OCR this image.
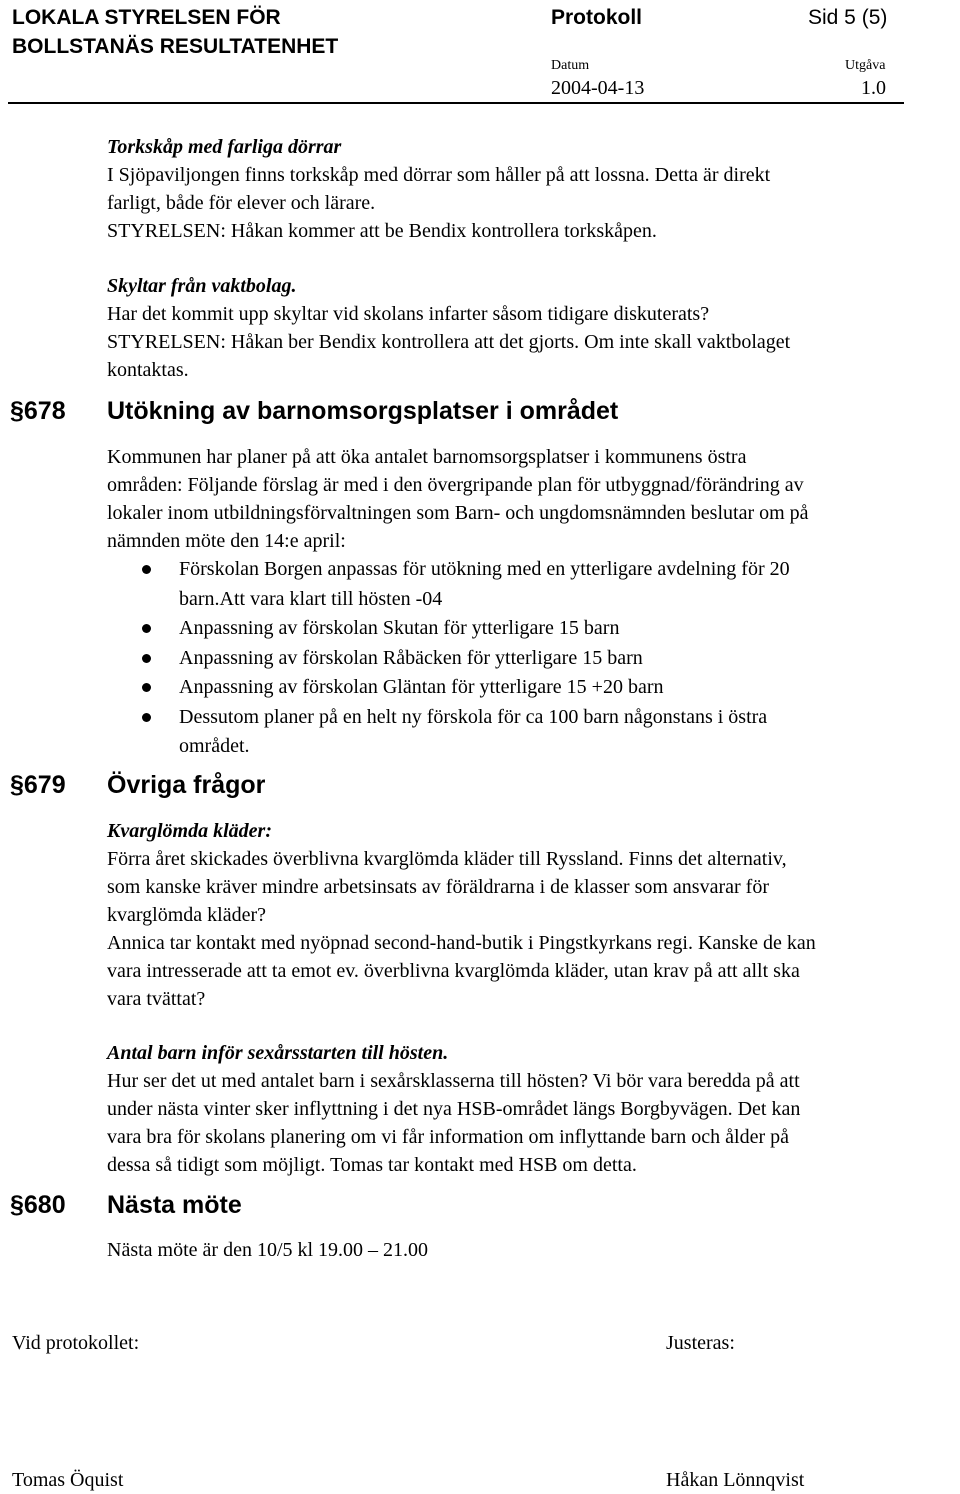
LOKALA STYRELSEN FÖR
BOLLSTANÄS RESULTATENHET
Protokoll	Sid 5 (5)
Datum	Utgåva
2004-04-13	1.0
Torkskåp med farliga dörrar
I Sjöpaviljongen finns torkskåp med dörrar som håller på att lossna. Detta är direkt
farligt, både för elever och lärare.
STYRELSEN: Håkan kommer att be Bendix kontrollera torkskåpen.
Skyltar från vaktbolag.
Har det kommit upp skyltar vid skolans infarter såsom tidigare diskuterats?
STYRELSEN: Håkan ber Bendix kontrollera att det gjorts. Om inte skall vaktbolaget
kontaktas.
§678 Utökning av barnomsorgsplatser i området
Kommunen har planer på att öka antalet barnomsorgsplatser i kommunens östra
områden: Följande förslag är med i den övergripande plan för utbyggnad/förändring av
lokaler inom utbildningsförvaltningen som Barn- och ungdomsnämnden beslutar om på
nämnden möte den 14:e april:
Förskolan Borgen anpassas för utökning med en ytterligare avdelning för 20
barn.Att vara klart till hösten -04
Anpassning av förskolan Skutan för ytterligare 15 barn
Anpassning av förskolan Råbäcken för ytterligare 15 barn
Anpassning av förskolan Gläntan för ytterligare 15 +20 barn
Dessutom planer på en helt ny förskola för ca 100 barn någonstans i östra
området.
§679 Övriga frågor
Kvarglömda kläder:
Förra året skickades överblivna kvarglömda kläder till Ryssland. Finns det alternativ,
som kanske kräver mindre arbetsinsats av föräldrarna i de klasser som ansvarar för
kvarglömda kläder?
Annica tar kontakt med nyöpnad second-hand-butik i Pingstkyrkans regi. Kanske de kan
vara intresserade att ta emot ev. överblivna kvarglömda kläder, utan krav på att allt ska
vara tvättat?
Antal barn inför sexårsstarten till hösten.
Hur ser det ut med antalet barn i sexårsklasserna till hösten? Vi bör vara beredda på att
under nästa vinter sker inflyttning i det nya HSB-området längs Borgbyvägen. Det kan
vara bra för skolans planering om vi får information om inflyttande barn och ålder på
dessa så tidigt som möjligt. Tomas tar kontakt med HSB om detta.
§680 Nästa möte
Nästa möte är den 10/5 kl 19.00 – 21.00
Vid protokollet:	Justeras:
Tomas Öquist	Håkan Lönnqvist
